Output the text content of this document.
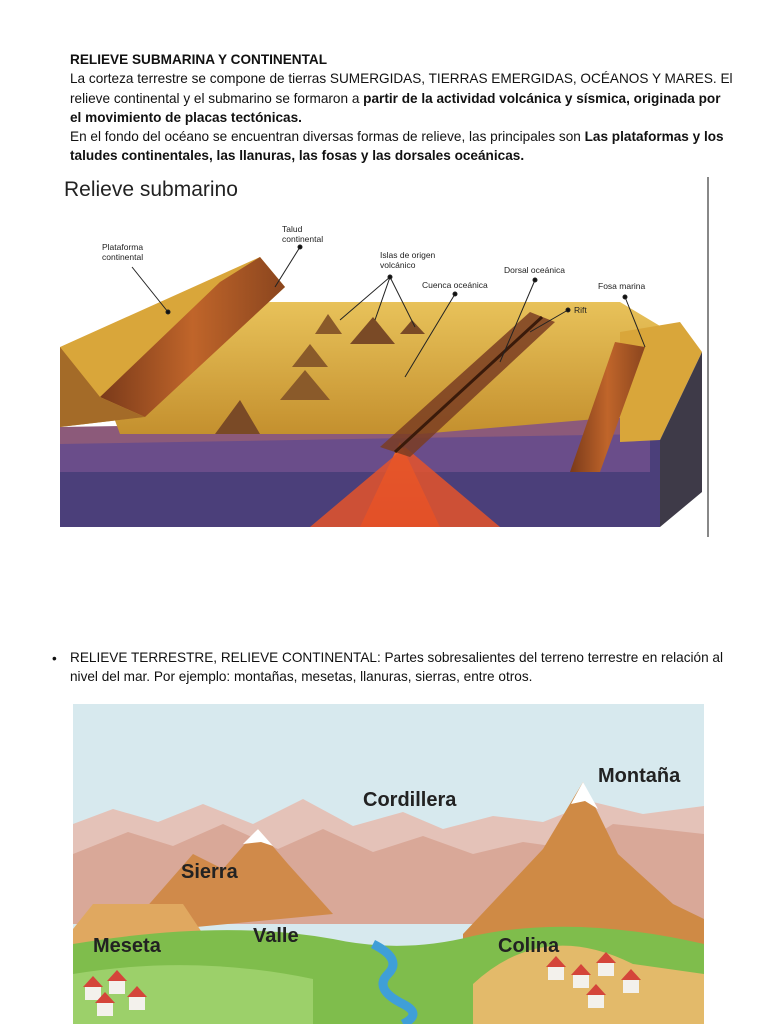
RELIEVE SUBMARINA Y CONTINENTAL
La corteza terrestre se compone de tierras SUMERGIDAS, TIERRAS EMERGIDAS, OCÉANOS Y MARES. El relieve continental y el submarino se formaron a partir de la actividad volcánica y sísmica, originada por el movimiento de placas tectónicas.
En el fondo del océano se encuentran diversas formas de relieve, las principales son Las plataformas y los taludes continentales, las llanuras, las fosas y las dorsales oceánicas.
Relieve submarino
Plataforma
continental
Talud
continental
Islas de origen
volcánico
Cuenca oceánica
Dorsal oceánica
Rift
Fosa marina
• RELIEVE TERRESTRE, RELIEVE CONTINENTAL: Partes sobresalientes del terreno terrestre en relación al nivel del mar. Por ejemplo: montañas, mesetas, llanuras, sierras, entre otros.
Cordillera
Montaña
Sierra
Valle
Meseta	Colina
